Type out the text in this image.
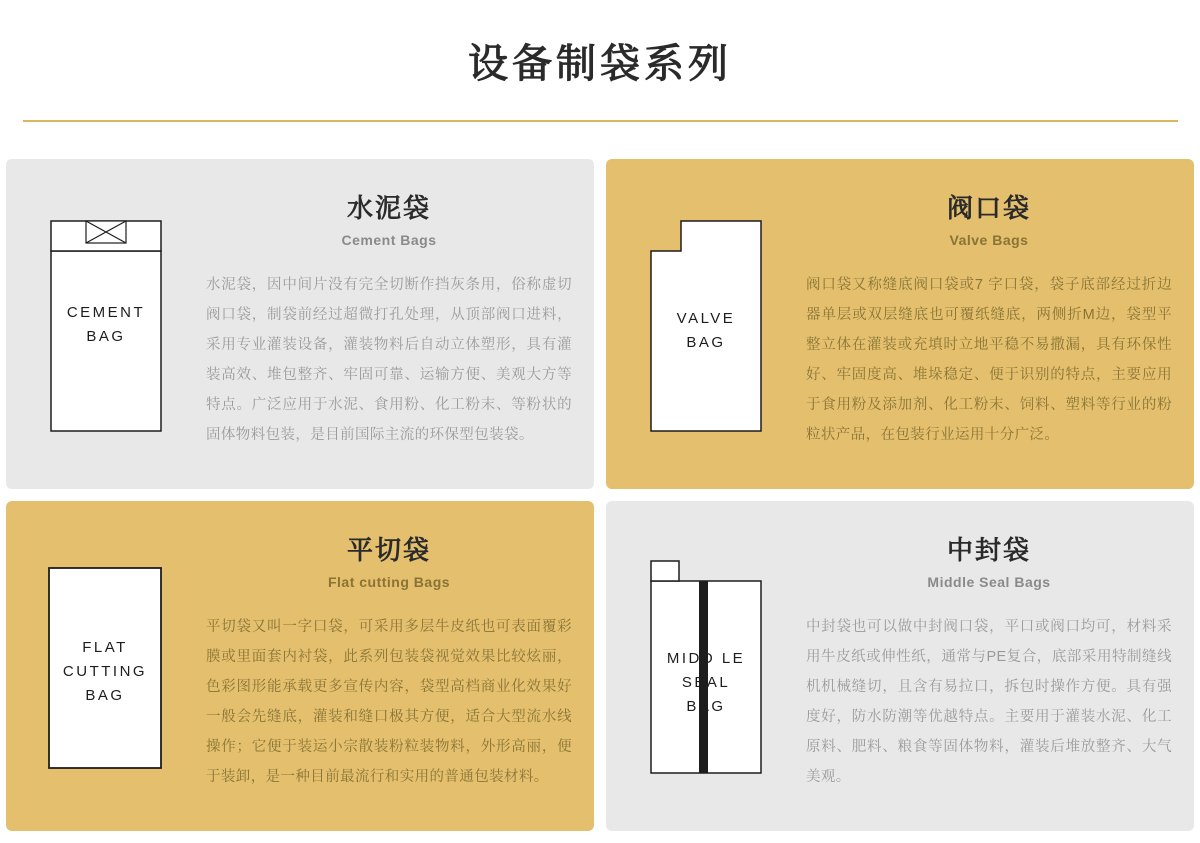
设备制袋系列
CEMENT
BAG
水泥袋
Cement Bags

水泥袋，因中间片没有完全切断作挡灰条用，俗称虚切阀口袋，制袋前经过超微打孔处理，从顶部阀口进料，采用专业灌装设备，灌装物料后自动立体塑形，具有灌装高效、堆包整齐、牢固可靠、运输方便、美观大方等特点。广泛应用于水泥、食用粉、化工粉末、等粉状的固体物料包装，是目前国际主流的环保型包装袋。

VALVE
BAG
阀口袋
Valve Bags

阀口袋又称缝底阀口袋或7 字口袋，袋子底部经过折边器单层或双层缝底也可覆纸缝底，两侧折M边，袋型平整立体在灌装或充填时立地平稳不易撒漏，具有环保性好、牢固度高、堆垛稳定、便于识别的特点，主要应用于食用粉及添加剂、化工粉末、饲料、塑料等行业的粉粒状产品，在包装行业运用十分广泛。

FLAT
CUTTING
BAG
平切袋
Flat cutting Bags

平切袋又叫一字口袋，可采用多层牛皮纸也可表面覆彩膜或里面套内衬袋，此系列包装袋视觉效果比较炫丽，色彩图形能承载更多宣传内容，袋型高档商业化效果好一般会先缝底，灌装和缝口极其方便，适合大型流水线操作；它便于装运小宗散装粉粒装物料，外形高丽，便于装卸，是一种目前最流行和实用的普通包装材料。

MIDD LE
SEAL
BAG
中封袋
Middle Seal Bags

中封袋也可以做中封阀口袋，平口或阀口均可，材料采用牛皮纸或伸性纸，通常与PE复合，底部采用特制缝线机机械缝切，且含有易拉口，拆包时操作方便。具有强度好，防水防潮等优越特点。主要用于灌装水泥、化工原料、肥料、粮食等固体物料，灌装后堆放整齐、大气美观。
